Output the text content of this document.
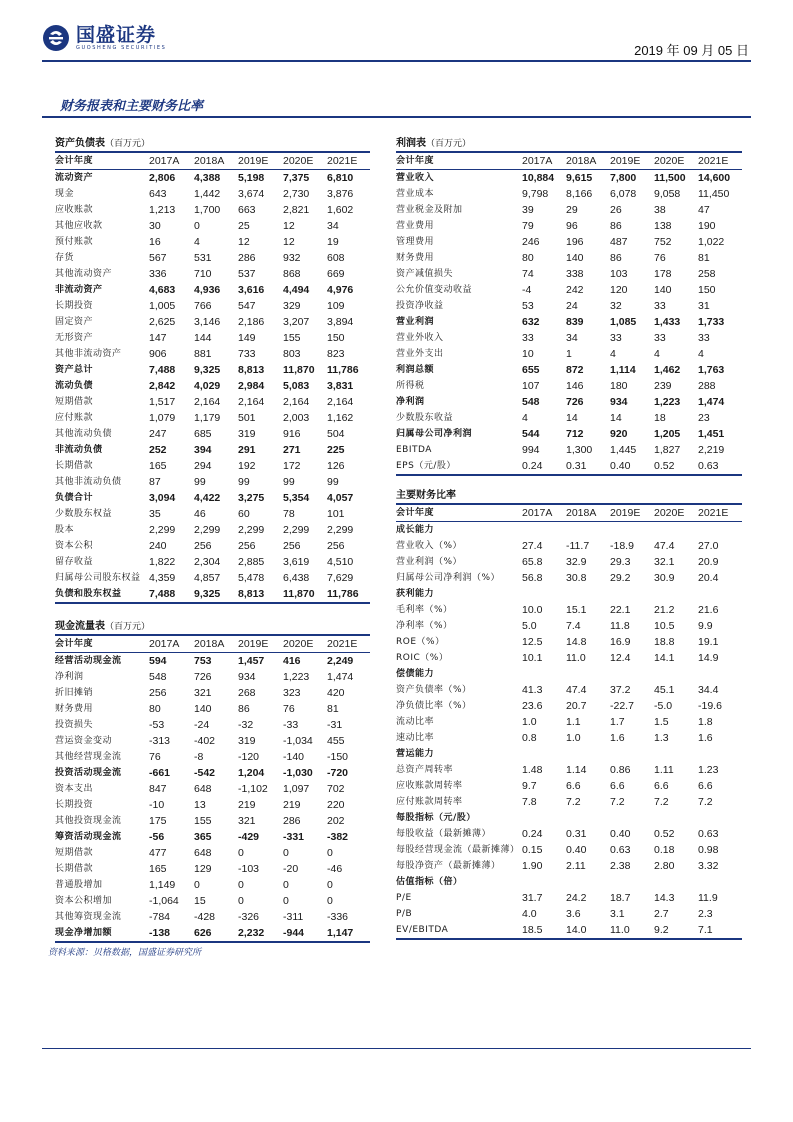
国盛证券
GUOSHENG SECURITIES	2019 年 09 月 05 日
财务报表和主要财务比率
资产负债表（百万元）
会计年度	2017A	2018A	2019E	2020E	2021E
流动资产	2,806	4,388	5,198	7,375	6,810
现金	643	1,442	3,674	2,730	3,876
应收账款	1,213	1,700	663	2,821	1,602
其他应收款	30	0	25	12	34
预付账款	16	4	12	12	19
存货	567	531	286	932	608
其他流动资产	336	710	537	868	669
非流动资产	4,683	4,936	3,616	4,494	4,976
长期投资	1,005	766	547	329	109
固定资产	2,625	3,146	2,186	3,207	3,894
无形资产	147	144	149	155	150
其他非流动资产	906	881	733	803	823
资产总计	7,488	9,325	8,813	11,870	11,786
流动负债	2,842	4,029	2,984	5,083	3,831
短期借款	1,517	2,164	2,164	2,164	2,164
应付账款	1,079	1,179	501	2,003	1,162
其他流动负债	247	685	319	916	504
非流动负债	252	394	291	271	225
长期借款	165	294	192	172	126
其他非流动负债	87	99	99	99	99
负债合计	3,094	4,422	3,275	5,354	4,057
少数股东权益	35	46	60	78	101
股本	2,299	2,299	2,299	2,299	2,299
资本公积	240	256	256	256	256
留存收益	1,822	2,304	2,885	3,619	4,510
归属母公司股东权益	4,359	4,857	5,478	6,438	7,629
负债和股东权益	7,488	9,325	8,813	11,870	11,786
现金流量表（百万元）
会计年度	2017A	2018A	2019E	2020E	2021E
经营活动现金流	594	753	1,457	416	2,249
净利润	548	726	934	1,223	1,474
折旧摊销	256	321	268	323	420
财务费用	80	140	86	76	81
投资损失	-53	-24	-32	-33	-31
营运资金变动	-313	-402	319	-1,034	455
其他经营现金流	76	-8	-120	-140	-150
投资活动现金流	-661	-542	1,204	-1,030	-720
资本支出	847	648	-1,102	1,097	702
长期投资	-10	13	219	219	220
其他投资现金流	175	155	321	286	202
筹资活动现金流	-56	365	-429	-331	-382
短期借款	477	648	0	0	0
长期借款	165	129	-103	-20	-46
普通股增加	1,149	0	0	0	0
资本公积增加	-1,064	15	0	0	0
其他筹资现金流	-784	-428	-326	-311	-336
现金净增加额	-138	626	2,232	-944	1,147
利润表（百万元）
会计年度	2017A	2018A	2019E	2020E	2021E
营业收入	10,884	9,615	7,800	11,500	14,600
营业成本	9,798	8,166	6,078	9,058	11,450
营业税金及附加	39	29	26	38	47
营业费用	79	96	86	138	190
管理费用	246	196	487	752	1,022
财务费用	80	140	86	76	81
资产减值损失	74	338	103	178	258
公允价值变动收益	-4	242	120	140	150
投资净收益	53	24	32	33	31
营业利润	632	839	1,085	1,433	1,733
营业外收入	33	34	33	33	33
营业外支出	10	1	4	4	4
利润总额	655	872	1,114	1,462	1,763
所得税	107	146	180	239	288
净利润	548	726	934	1,223	1,474
少数股东收益	4	14	14	18	23
归属母公司净利润	544	712	920	1,205	1,451
EBITDA	994	1,300	1,445	1,827	2,219
EPS（元/股）	0.24	0.31	0.40	0.52	0.63
主要财务比率
会计年度	2017A	2018A	2019E	2020E	2021E
成长能力					
营业收入（%）	27.4	-11.7	-18.9	47.4	27.0
营业利润（%）	65.8	32.9	29.3	32.1	20.9
归属母公司净利润（%）	56.8	30.8	29.2	30.9	20.4
获利能力					
毛利率（%）	10.0	15.1	22.1	21.2	21.6
净利率（%）	5.0	7.4	11.8	10.5	9.9
ROE（%）	12.5	14.8	16.9	18.8	19.1
ROIC（%）	10.1	11.0	12.4	14.1	14.9
偿债能力					
资产负债率（%）	41.3	47.4	37.2	45.1	34.4
净负债比率（%）	23.6	20.7	-22.7	-5.0	-19.6
流动比率	1.0	1.1	1.7	1.5	1.8
速动比率	0.8	1.0	1.6	1.3	1.6
营运能力					
总资产周转率	1.48	1.14	0.86	1.11	1.23
应收账款周转率	9.7	6.6	6.6	6.6	6.6
应付账款周转率	7.8	7.2	7.2	7.2	7.2
每股指标（元/股）					
每股收益（最新摊薄）	0.24	0.31	0.40	0.52	0.63
每股经营现金流（最新摊薄）	0.15	0.40	0.63	0.18	0.98
每股净资产（最新摊薄）	1.90	2.11	2.38	2.80	3.32
估值指标（倍）					
P/E	31.7	24.2	18.7	14.3	11.9
P/B	4.0	3.6	3.1	2.7	2.3
EV/EBITDA	18.5	14.0	11.0	9.2	7.1
资料来源：贝格数据，国盛证券研究所
